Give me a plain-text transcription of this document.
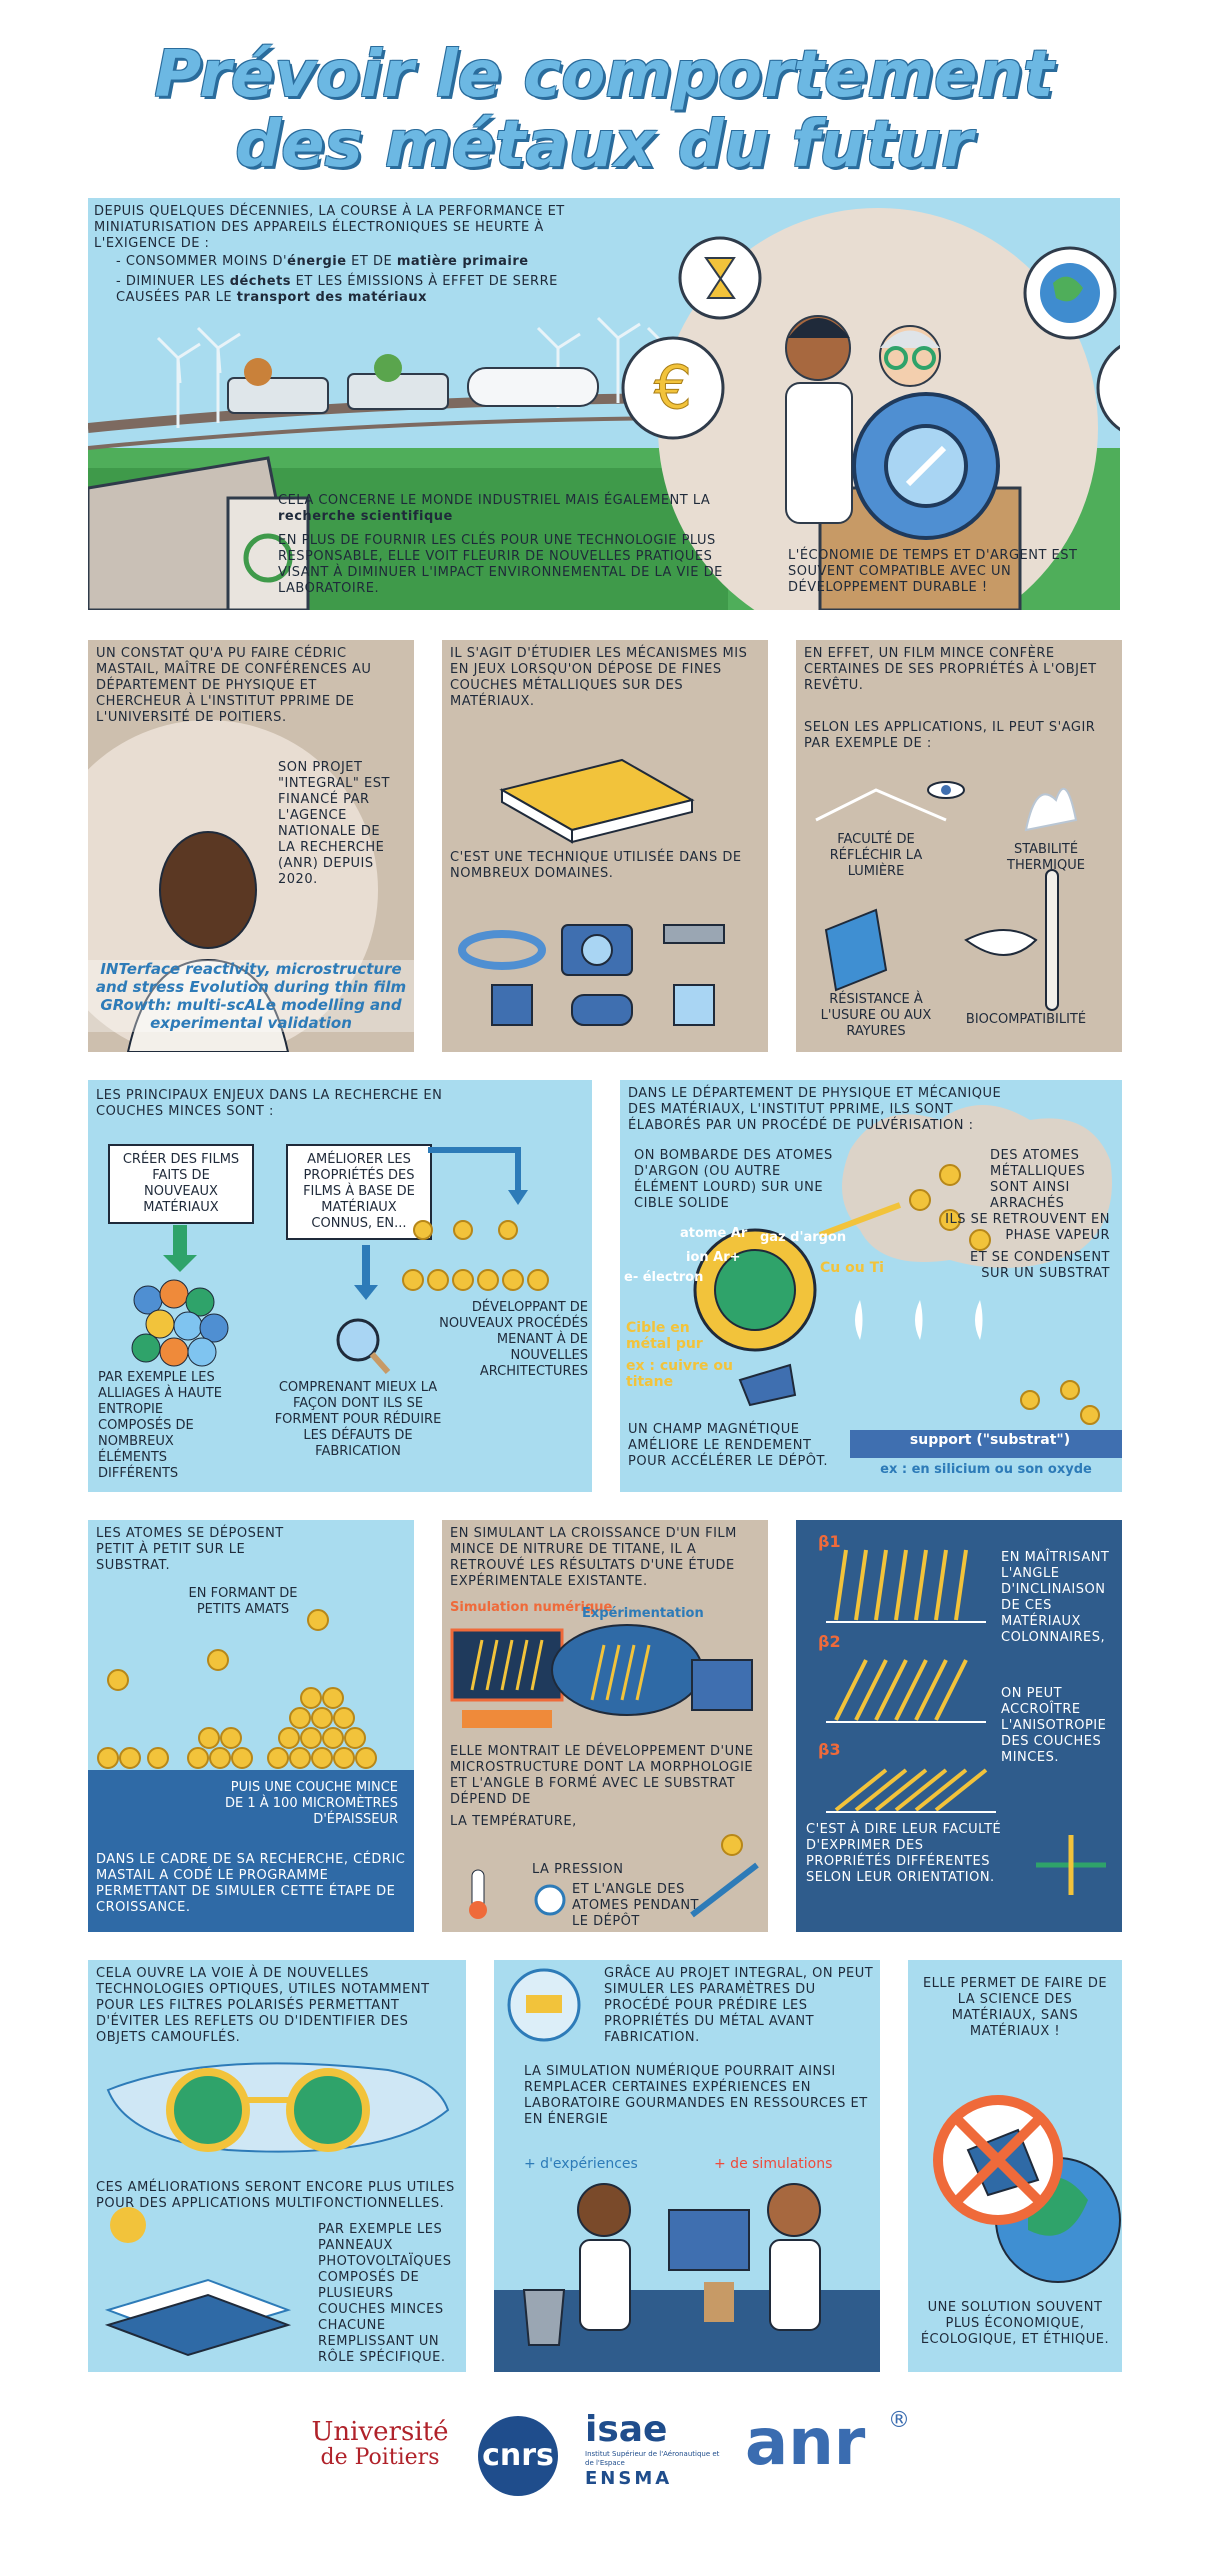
Prévoir le comportement
des métaux du futur
€
DEPUIS QUELQUES DÉCENNIES, LA COURSE À LA PERFORMANCE ET MINIATURISATION DES APPAREILS ÉLECTRONIQUES SE HEURTE À L'EXIGENCE DE :
- CONSOMMER MOINS D'énergie ET DE matière primaire
- DIMINUER LES déchets ET LES ÉMISSIONS À EFFET DE SERRE CAUSÉES PAR LE transport des matériaux
CELA CONCERNE LE MONDE INDUSTRIEL MAIS ÉGALEMENT LA recherche scientifique
EN PLUS DE FOURNIR LES CLÉS POUR UNE TECHNOLOGIE PLUS RESPONSABLE, ELLE VOIT FLEURIR DE NOUVELLES PRATIQUES VISANT À DIMINUER L'IMPACT ENVIRONNEMENTAL DE LA VIE DE LABORATOIRE.
L'ÉCONOMIE DE TEMPS ET D'ARGENT EST SOUVENT COMPATIBLE AVEC UN DÉVELOPPEMENT DURABLE !
UN CONSTAT QU'A PU FAIRE CÉDRIC MASTAIL, MAÎTRE DE CONFÉRENCES AU DÉPARTEMENT DE PHYSIQUE ET CHERCHEUR À L'INSTITUT PPRIME DE L'UNIVERSITÉ DE POITIERS.
SON PROJET "INTEGRAL" EST FINANCÉ PAR L'AGENCE NATIONALE DE LA RECHERCHE (ANR) DEPUIS 2020.
INTerface reactivity, microstructure and stress Evolution during thin film GRowth: multi-scALe modelling and experimental validation
IL S'AGIT D'ÉTUDIER LES MÉCANISMES MIS EN JEUX LORSQU'ON DÉPOSE DE FINES COUCHES MÉTALLIQUES SUR DES MATÉRIAUX.
C'EST UNE TECHNIQUE UTILISÉE DANS DE NOMBREUX DOMAINES.
EN EFFET, UN FILM MINCE CONFÈRE CERTAINES DE SES PROPRIÉTÉS À L'OBJET REVÊTU.
SELON LES APPLICATIONS, IL PEUT S'AGIR PAR EXEMPLE DE :
FACULTÉ DE RÉFLÉCHIR LA LUMIÈRE
STABILITÉ THERMIQUE
RÉSISTANCE À L'USURE OU AUX RAYURES
BIOCOMPATIBILITÉ
LES PRINCIPAUX ENJEUX DANS LA RECHERCHE EN COUCHES MINCES SONT :
CRÉER DES FILMS FAITS DE NOUVEAUX MATÉRIAUX
AMÉLIORER LES PROPRIÉTÉS DES FILMS À BASE DE MATÉRIAUX CONNUS, EN...
PAR EXEMPLE LES ALLIAGES À HAUTE ENTROPIE COMPOSÉS DE NOMBREUX ÉLÉMENTS DIFFÉRENTS
COMPRENANT MIEUX LA FAÇON DONT ILS SE FORMENT POUR RÉDUIRE LES DÉFAUTS DE FABRICATION
DÉVELOPPANT DE NOUVEAUX PROCÉDÉS MENANT À DE NOUVELLES ARCHITECTURES
DANS LE DÉPARTEMENT DE PHYSIQUE ET MÉCANIQUE DES MATÉRIAUX, L'INSTITUT PPRIME, ILS SONT ÉLABORÉS PAR UN PROCÉDÉ DE PULVÉRISATION :
ON BOMBARDE DES ATOMES D'ARGON (OU AUTRE ÉLÉMENT LOURD) SUR UNE CIBLE SOLIDE
DES ATOMES MÉTALLIQUES SONT AINSI ARRACHÉS
ILS SE RETROUVENT EN PHASE VAPEUR
ET SE CONDENSENT SUR UN SUBSTRAT
atome Ar
ion Ar+
e- électron
gaz d'argon
Cu ou Ti
Cible en métal pur
ex : cuivre ou titane
UN CHAMP MAGNÉTIQUE AMÉLIORE LE RENDEMENT POUR ACCÉLÉRER LE DÉPÔT.
support ("substrat")
ex : en silicium ou son oxyde
LES ATOMES SE DÉPOSENT PETIT À PETIT SUR LE SUBSTRAT.
EN FORMANT DE PETITS AMATS
PUIS UNE COUCHE MINCE DE 1 À 100 MICROMÈTRES D'ÉPAISSEUR
DANS LE CADRE DE SA RECHERCHE, CÉDRIC MASTAIL A CODÉ LE PROGRAMME PERMETTANT DE SIMULER CETTE ÉTAPE DE CROISSANCE.
EN SIMULANT LA CROISSANCE D'UN FILM MINCE DE NITRURE DE TITANE, IL A RETROUVÉ LES RÉSULTATS D'UNE ÉTUDE EXPÉRIMENTALE EXISTANTE.
Simulation numérique
Expérimentation
ELLE MONTRAIT LE DÉVELOPPEMENT D'UNE MICROSTRUCTURE DONT LA MORPHOLOGIE ET L'ANGLE Β FORMÉ AVEC LE SUBSTRAT DÉPEND DE
LA TEMPÉRATURE,
LA PRESSION
ET L'ANGLE DES ATOMES PENDANT LE DÉPÔT
β1
β2
β3
EN MAÎTRISANT L'ANGLE D'INCLINAISON DE CES MATÉRIAUX COLONNAIRES,
ON PEUT ACCROÎTRE L'ANISOTROPIE DES COUCHES MINCES.
C'EST À DIRE LEUR FACULTÉ D'EXPRIMER DES PROPRIÉTÉS DIFFÉRENTES SELON LEUR ORIENTATION.
CELA OUVRE LA VOIE À DE NOUVELLES TECHNOLOGIES OPTIQUES, UTILES NOTAMMENT POUR LES FILTRES POLARISÉS PERMETTANT D'ÉVITER LES REFLETS OU D'IDENTIFIER DES OBJETS CAMOUFLÉS.
CES AMÉLIORATIONS SERONT ENCORE PLUS UTILES POUR DES APPLICATIONS MULTIFONCTIONNELLES.
PAR EXEMPLE LES PANNEAUX PHOTOVOLTAÏQUES COMPOSÉS DE PLUSIEURS COUCHES MINCES CHACUNE REMPLISSANT UN RÔLE SPÉCIFIQUE.
GRÂCE AU PROJET INTEGRAL, ON PEUT SIMULER LES PARAMÈTRES DU PROCÉDÉ POUR PRÉDIRE LES PROPRIÉTÉS DU MÉTAL AVANT FABRICATION.
LA SIMULATION NUMÉRIQUE POURRAIT AINSI REMPLACER CERTAINES EXPÉRIENCES EN LABORATOIRE GOURMANDES EN RESSOURCES ET EN ÉNERGIE
+ d'expériences	+ de simulations
ELLE PERMET DE FAIRE DE LA SCIENCE DES MATÉRIAUX, SANS MATÉRIAUX !
UNE SOLUTION SOUVENT PLUS ÉCONOMIQUE, ÉCOLOGIQUE, ET ÉTHIQUE.
Université
de Poitiers	cnrs
isae
Institut Supérieur de l'Aéronautique et de l'Espace
ENSMA	anr ®
